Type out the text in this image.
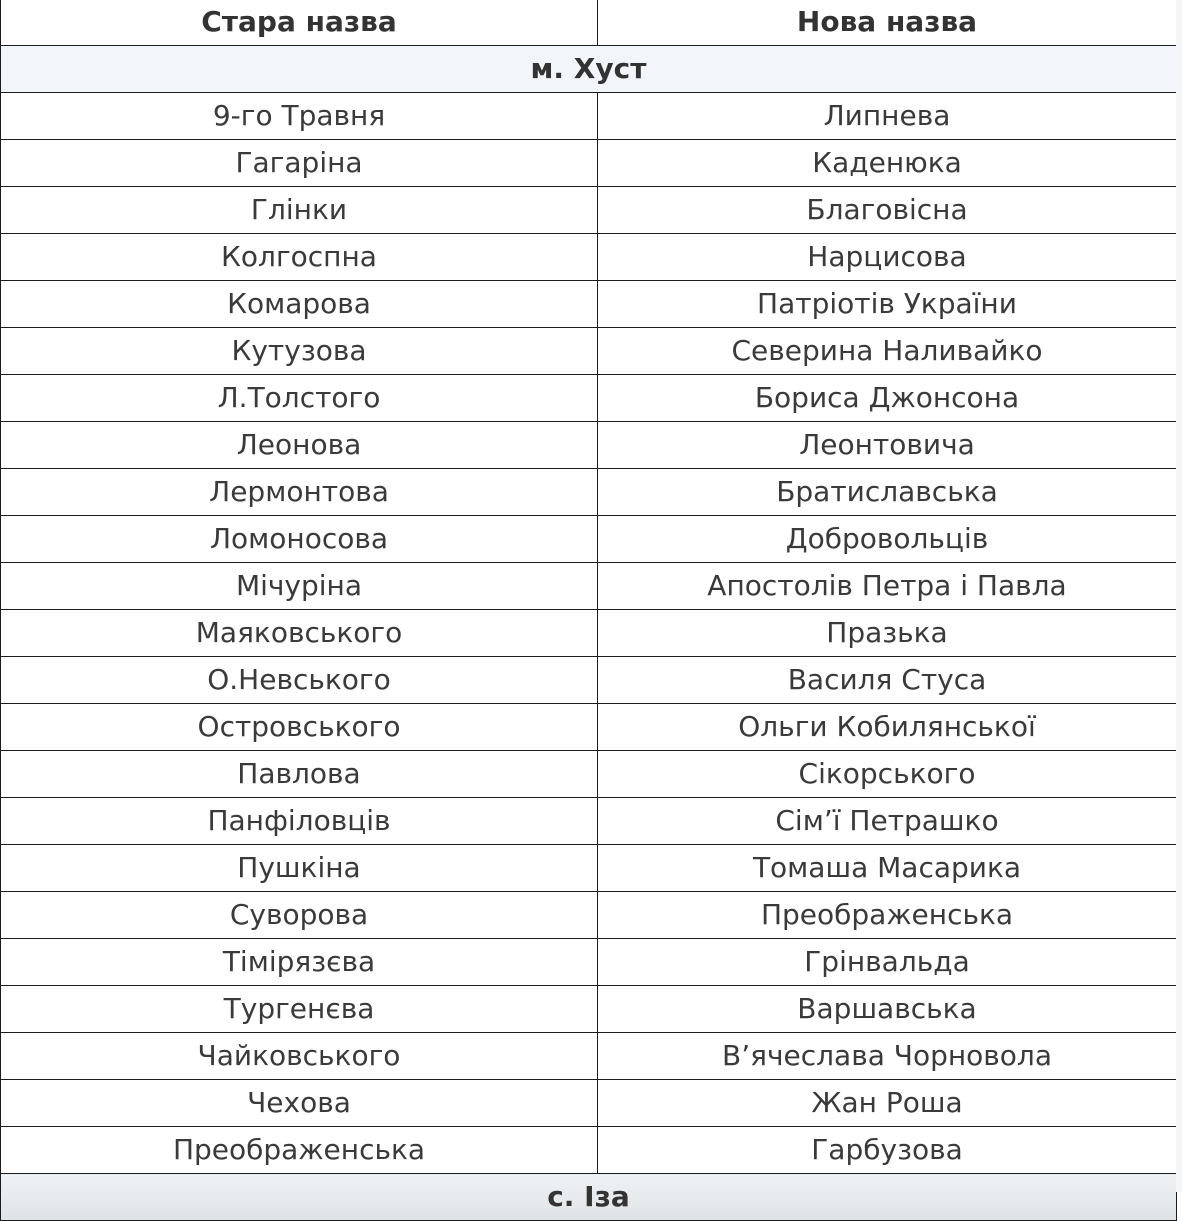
Стара назва	Нова назва
м. Хуст	
9-го Травня	Липнева
Гагаріна	Каденюка
Глінки	Благовісна
Колгоспна	Нарцисова
Комарова	Патріотів України
Кутузова	Северина Наливайко
Л.Толстого	Бориса Джонсона
Леонова	Леонтовича
Лермонтова	Братиславська
Ломоносова	Добровольців
Мічуріна	Апостолів Петра і Павла
Маяковського	Празька
О.Невського	Василя Стуса
Островського	Ольги Кобилянської
Павлова	Сікорського
Панфіловців	Сім’ї Петрашко
Пушкіна	Томаша Масарика
Суворова	Преображенська
Тімірязєва	Грінвальда
Тургенєва	Варшавська
Чайковського	В’ячеслава Чорновола
Чехова	Жан Роша
Преображенська	Гарбузова
с. Іза	
